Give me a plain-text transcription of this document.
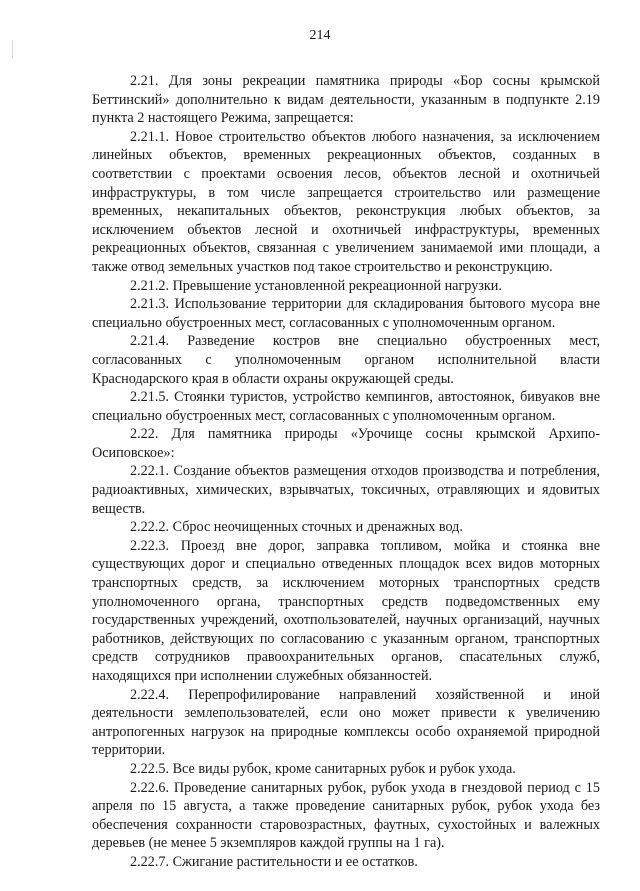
214

2.21. Для зоны рекреации памятника природы «Бор сосны крымской Беттинский» дополнительно к видам деятельности, указанным в подпункте 2.19 пункта 2 настоящего Режима, запрещается:

2.21.1. Новое строительство объектов любого назначения, за исключением линейных объектов, временных рекреационных объектов, созданных в соответствии с проектами освоения лесов, объектов лесной и охотничьей инфраструктуры, в том числе запрещается строительство или размещение временных, некапитальных объектов, реконструкция любых объектов, за исключением объектов лесной и охотничьей инфраструктуры, временных рекреационных объектов, связанная с увеличением занимаемой ими площади, а также отвод земельных участков под такое строительство и реконструкцию.

2.21.2. Превышение установленной рекреационной нагрузки.

2.21.3. Использование территории для складирования бытового мусора вне специально обустроенных мест, согласованных с уполномоченным органом.

2.21.4. Разведение костров вне специально обустроенных мест, согласованных с уполномоченным органом исполнительной власти Краснодарского края в области охраны окружающей среды.

2.21.5. Стоянки туристов, устройство кемпингов, автостоянок, бивуаков вне специально обустроенных мест, согласованных с уполномоченным органом.

2.22. Для памятника природы «Урочище сосны крымской Архипо-Осиповское»:

2.22.1. Создание объектов размещения отходов производства и потребления, радиоактивных, химических, взрывчатых, токсичных, отравляющих и ядовитых веществ.

2.22.2. Сброс неочищенных сточных и дренажных вод.

2.22.3. Проезд вне дорог, заправка топливом, мойка и стоянка вне существующих дорог и специально отведенных площадок всех видов моторных транспортных средств, за исключением моторных транспортных средств уполномоченного органа, транспортных средств подведомственных ему государственных учреждений, охотпользователей, научных организаций, научных работников, действующих по согласованию с указанным органом, транспортных средств сотрудников правоохранительных органов, спасательных служб, находящихся при исполнении служебных обязанностей.

2.22.4. Перепрофилирование направлений хозяйственной и иной деятельности землепользователей, если оно может привести к увеличению антропогенных нагрузок на природные комплексы особо охраняемой природной территории.

2.22.5. Все виды рубок, кроме санитарных рубок и рубок ухода.

2.22.6. Проведение санитарных рубок, рубок ухода в гнездовой период с 15 апреля по 15 августа, а также проведение санитарных рубок, рубок ухода без обеспечения сохранности старовозрастных, фаутных, сухостойных и валежных деревьев (не менее 5 экземпляров каждой группы на 1 га).

2.22.7. Сжигание растительности и ее остатков.
